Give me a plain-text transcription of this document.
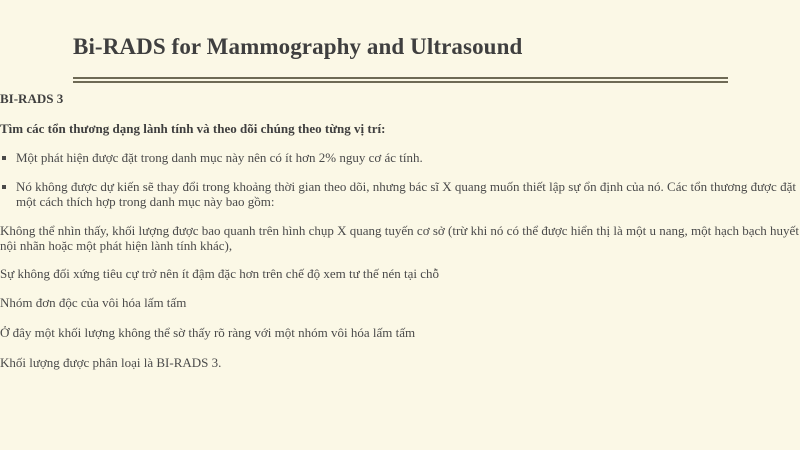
Bi-RADS for Mammography and Ultrasound
BI-RADS 3
Tìm các tổn thương dạng lành tính và theo dõi chúng theo từng vị trí:
Một phát hiện được đặt trong danh mục này nên có ít hơn 2% nguy cơ ác tính.
Nó không được dự kiến sẽ thay đổi trong khoảng thời gian theo dõi, nhưng bác sĩ X quang muốn thiết lập sự ổn định của nó. Các tổn thương được đặt một cách thích hợp trong danh mục này bao gồm:
Không thể nhìn thấy, khối lượng được bao quanh trên hình chụp X quang tuyến cơ sở (trừ khi nó có thể được hiển thị là một u nang, một hạch bạch huyết nội nhãn hoặc một phát hiện lành tính khác),
Sự không đối xứng tiêu cự trở nên ít đậm đặc hơn trên chế độ xem tư thế nén tại chỗ
Nhóm đơn độc của vôi hóa lấm tấm
Ở đây một khối lượng không thể sờ thấy rõ ràng với một nhóm vôi hóa lấm tấm
Khối lượng được phân loại là BI-RADS 3.
